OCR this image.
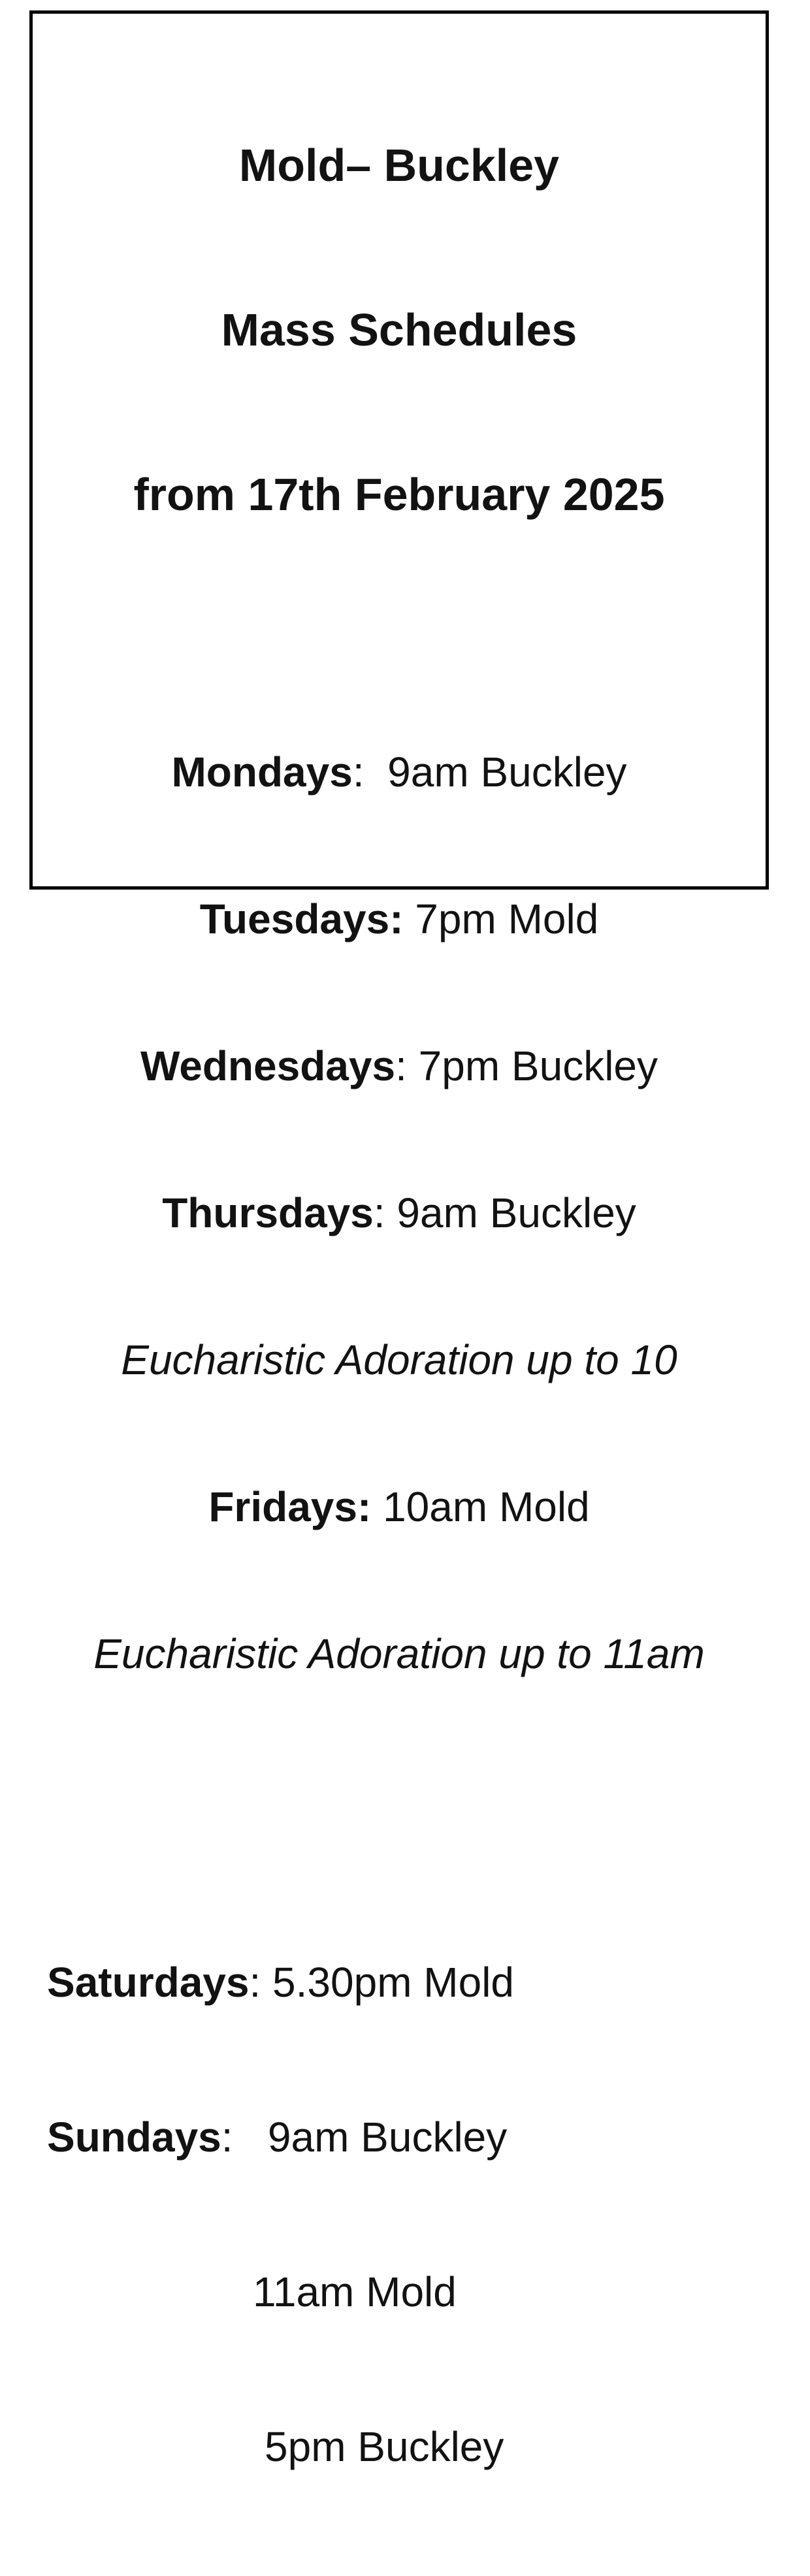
Mold– Buckley

Mass Schedules

from 17th February 2025

Mondays:  9am Buckley

Tuesdays: 7pm Mold

Wednesdays: 7pm Buckley

Thursdays: 9am Buckley

Eucharistic Adoration up to 10

Fridays: 10am Mold

Eucharistic Adoration up to 11am

Saturdays: 5.30pm Mold

Sundays:   9am Buckley

11am Mold

5pm Buckley
